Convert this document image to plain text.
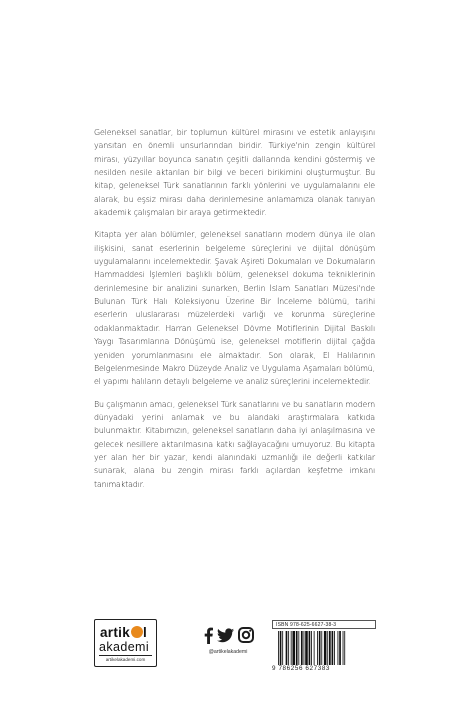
Geleneksel sanatlar, bir toplumun kültürel mirasını ve estetik anlayışını yansıtan en önemli unsurlarından biridir. Türkiye'nin zengin kültürel mirası, yüzyıllar boyunca sanatın çeşitli dallarında kendini göstermiş ve nesilden nesile aktarılan bir bilgi ve beceri birikimini oluşturmuştur. Bu kitap, geleneksel Türk sanatlarının farklı yönlerini ve uygulamalarını ele alarak, bu eşsiz mirası daha derinlemesine anlamamıza olanak tanıyan akademik çalışmaları bir araya getirmektedir.

Kitapta yer alan bölümler, geleneksel sanatların modern dünya ile olan ilişkisini, sanat eserlerinin belgeleme süreçlerini ve dijital dönüşüm uygulamalarını incelemektedir. Şavak Aşireti Dokumaları ve Dokumaların Hammaddesi İşlemleri başlıklı bölüm, geleneksel dokuma tekniklerinin derinlemesine bir analizini sunarken, Berlin İslam Sanatları Müzesi'nde Bulunan Türk Halı Koleksiyonu Üzerine Bir İnceleme bölümü, tarihi eserlerin uluslararası müzelerdeki varlığı ve korunma süreçlerine odaklanmaktadır. Harran Geleneksel Dövme Motiflerinin Dijital Baskılı Yaygı Tasarımlarına Dönüşümü ise, geleneksel motiflerin dijital çağda yeniden yorumlanmasını ele almaktadır. Son olarak, El Halılarının Belgelenmesinde Makro Düzeyde Analiz ve Uygulama Aşamaları bölümü, el yapımı halıların detaylı belgeleme ve analiz süreçlerini incelemektedir.

Bu çalışmanın amacı, geleneksel Türk sanatlarını ve bu sanatların modern dünyadaki yerini anlamak ve bu alandaki araştırmalara katkıda bulunmaktır. Kitabımızın, geleneksel sanatların daha iyi anlaşılmasına ve gelecek nesillere aktarılmasına katkı sağlayacağını umuyoruz. Bu kitapta yer alan her bir yazar, kendi alanındaki uzmanlığı ile değerli katkılar sunarak, alana bu zengin mirası farklı açılardan keşfetme imkanı tanımaktadır.

artik l
akademi
artikelakademi.com
@artikelakademi
ISBN 978-625-6627-38-3
9 786256 627383
